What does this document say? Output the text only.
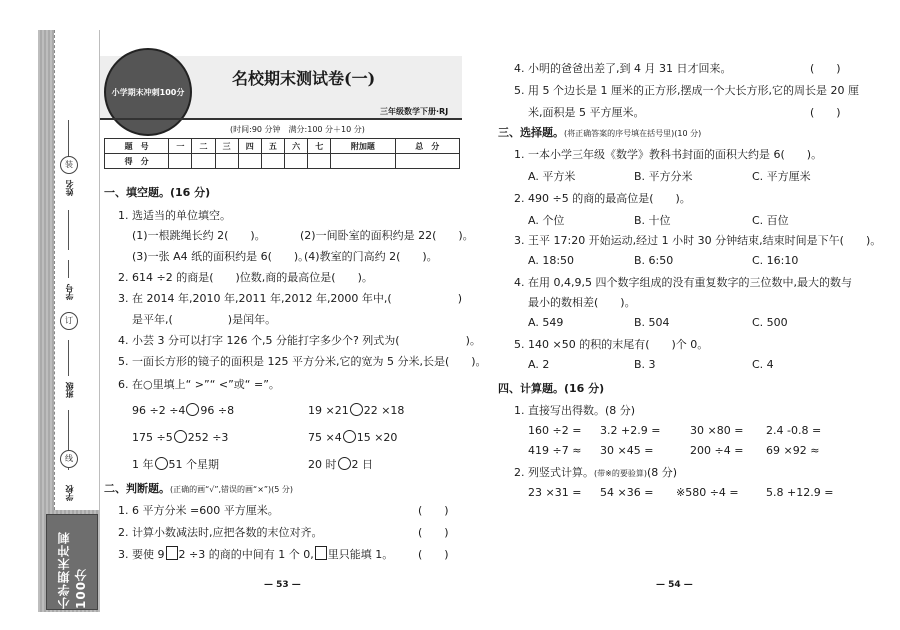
姓名
学号
班级
学校
装
订
线
小学期末冲刺100分
小学期末冲刺100分
名校期末测试卷(一)
三年级数学下册·RJ
(时间:90 分钟　满分:100 分＋10 分)
题　号	一	二	三	四	五	六	七	附加题	总　分
得　分									
一、填空题。(16 分)
1. 选适当的单位填空。
(1)一根跳绳长约 2(　　)。	(2)一间卧室的面积约是 22(　　)。
(3)一张 A4 纸的面积约是 6(　　)。
(4)教室的门高约 2(　　)。
2. 614 ÷2 的商是(　　)位数,商的最高位是(　　)。
3. 在 2014 年,2010 年,2011 年,2012 年,2000 年中,(　　　　　　)
是平年,(　　　　　)是闰年。
4. 小芸 3 分可以打字 126 个,5 分能打字多少个? 列式为(　　　　　　)。
5. 一面长方形的镜子的面积是 125 平方分米,它的宽为 5 分米,长是(　　)。
6. 在○里填上“ >”“ <”或“ =”。
96 ÷2 ÷4 96 ÷8	19 ×21 22 ×18
175 ÷5 252 ÷3	75 ×4 15 ×20
1 年 51 个星期	20 时 2 日
二、判断题。(正确的画“√”,错误的画“×”)(5 分)
1. 6 平方分米 =600 平方厘米。	(　　)
2. 计算小数减法时,应把各数的末位对齐。	(　　)
3. 要使 9 2 ÷3 的商的中间有 1 个 0, 里只能填 1。 (　　)
— 53 —
4. 小明的爸爸出差了,到 4 月 31 日才回来。	(　　)
5. 用 5 个边长是 1 厘米的正方形,摆成一个大长方形,它的周长是 20 厘
米,面积是 5 平方厘米。	(　　)
三、选择题。(将正确答案的序号填在括号里)(10 分)
1. 一本小学三年级《数学》教科书封面的面积大约是 6(　　)。
A. 平方米	B. 平方分米	C. 平方厘米
2. 490 ÷5 的商的最高位是(　　)。
A. 个位	B. 十位	C. 百位
3. 王平 17:20 开始运动,经过 1 小时 30 分钟结束,结束时间是下午(　　)。
A. 18:50	B. 6:50	C. 16:10
4. 在用 0,4,9,5 四个数字组成的没有重复数字的三位数中,最大的数与
最小的数相差(　　)。
A. 549	B. 504	C. 500
5. 140 ×50 的积的末尾有(　　)个 0。
A. 2	B. 3	C. 4
四、计算题。(16 分)
1. 直接写出得数。(8 分)
160 ÷2 = 3.2 +2.9 =	30 ×80 = 2.4 -0.8 =
419 ÷7 ≈ 30 ×45 =	200 ÷4 = 69 ×92 ≈
2. 列竖式计算。(带※的要验算)(8 分)
23 ×31 = 54 ×36 = ※580 ÷4 = 5.8 +12.9 =
— 54 —
